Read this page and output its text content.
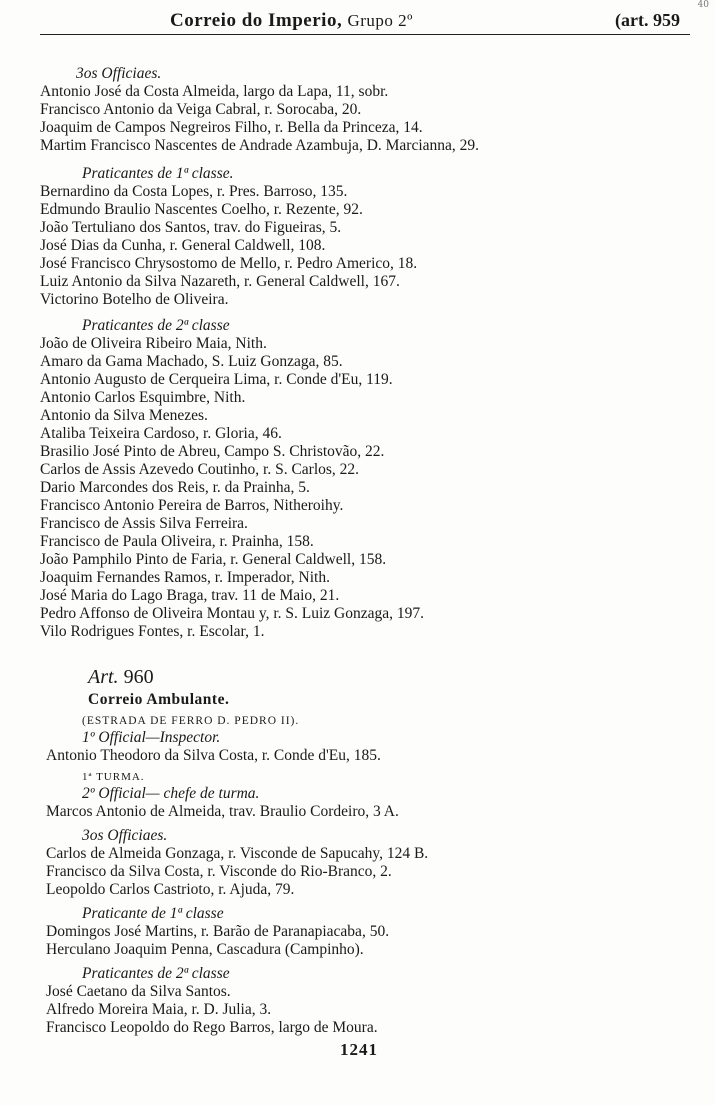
Correio do Imperio, Grupo 2º	(art. 959
40
3os Officiaes.
Antonio José da Costa Almeida, largo da Lapa, 11, sobr.
Francisco Antonio da Veiga Cabral, r. Sorocaba, 20.
Joaquim de Campos Negreiros Filho, r. Bella da Princeza, 14.
Martim Francisco Nascentes de Andrade Azambuja, D. Marcianna, 29.
Praticantes de 1ª classe.
Bernardino da Costa Lopes, r. Pres. Barroso, 135.
Edmundo Braulio Nascentes Coelho, r. Rezente, 92.
João Tertuliano dos Santos, trav. do Figueiras, 5.
José Dias da Cunha, r. General Caldwell, 108.
José Francisco Chrysostomo de Mello, r. Pedro Americo, 18.
Luiz Antonio da Silva Nazareth, r. General Caldwell, 167.
Victorino Botelho de Oliveira.
Praticantes de 2ª classe
João de Oliveira Ribeiro Maia, Nith.
Amaro da Gama Machado, S. Luiz Gonzaga, 85.
Antonio Augusto de Cerqueira Lima, r. Conde d'Eu, 119.
Antonio Carlos Esquimbre, Nith.
Antonio da Silva Menezes.
Ataliba Teixeira Cardoso, r. Gloria, 46.
Brasilio José Pinto de Abreu, Campo S. Christovão, 22.
Carlos de Assis Azevedo Coutinho, r. S. Carlos, 22.
Dario Marcondes dos Reis, r. da Prainha, 5.
Francisco Antonio Pereira de Barros, Nitheroihy.
Francisco de Assis Silva Ferreira.
Francisco de Paula Oliveira, r. Prainha, 158.
João Pamphilo Pinto de Faria, r. General Caldwell, 158.
Joaquim Fernandes Ramos, r. Imperador, Nith.
José Maria do Lago Braga, trav. 11 de Maio, 21.
Pedro Affonso de Oliveira Montau y, r. S. Luiz Gonzaga, 197.
Vilo Rodrigues Fontes, r. Escolar, 1.
Art. 960
Correio Ambulante.
(ESTRADA DE FERRO D. PEDRO II).
1º Official—Inspector.
Antonio Theodoro da Silva Costa, r. Conde d'Eu, 185.
1ª TURMA.
2º Official— chefe de turma.
Marcos Antonio de Almeida, trav. Braulio Cordeiro, 3 A.
3os Officiaes.
Carlos de Almeida Gonzaga, r. Visconde de Sapucahy, 124 B.
Francisco da Silva Costa, r. Visconde do Rio-Branco, 2.
Leopoldo Carlos Castrioto, r. Ajuda, 79.
Praticante de 1ª classe
Domingos José Martins, r. Barão de Paranapiacaba, 50.
Herculano Joaquim Penna, Cascadura (Campinho).
Praticantes de 2ª classe
José Caetano da Silva Santos.
Alfredo Moreira Maia, r. D. Julia, 3.
Francisco Leopoldo do Rego Barros, largo de Moura.
1241
